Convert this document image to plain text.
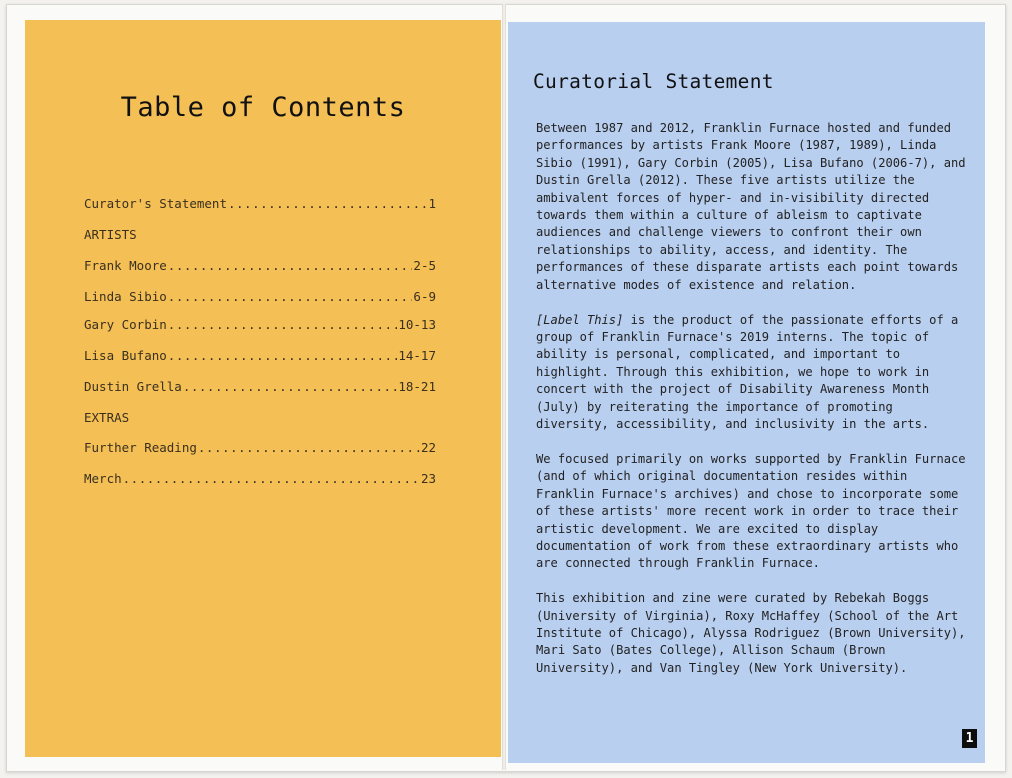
Table of Contents
Curator's Statement .....	1
ARTISTS
Frank Moore .....	2-5
Linda Sibio .....	6-9
Gary Corbin .....	10-13
Lisa Bufano .....	14-17
Dustin Grella .....	18-21
EXTRAS
Further Reading .....	22
Merch .....	23
Curatorial Statement

Between 1987 and 2012, Franklin Furnace hosted and funded performances by artists Frank Moore (1987, 1989), Linda Sibio (1991), Gary Corbin (2005), Lisa Bufano (2006-7), and Dustin Grella (2012). These five artists utilize the ambivalent forces of hyper- and in-visibility directed towards them within a culture of ableism to captivate audiences and challenge viewers to confront their own relationships to ability, access, and identity. The performances of these disparate artists each point towards alternative modes of existence and relation.

[Label This] is the product of the passionate efforts of a group of Franklin Furnace's 2019 interns. The topic of ability is personal, complicated, and important to highlight. Through this exhibition, we hope to work in concert with the project of Disability Awareness Month (July) by reiterating the importance of promoting diversity, accessibility, and inclusivity in the arts.

We focused primarily on works supported by Franklin Furnace (and of which original documentation resides within Franklin Furnace's archives) and chose to incorporate some of these artists' more recent work in order to trace their artistic development. We are excited to display documentation of work from these extraordinary artists who are connected through Franklin Furnace.

This exhibition and zine were curated by Rebekah Boggs (University of Virginia), Roxy McHaffey (School of the Art Institute of Chicago), Alyssa Rodriguez (Brown University), Mari Sato (Bates College), Allison Schaum (Brown University), and Van Tingley (New York University).

1
